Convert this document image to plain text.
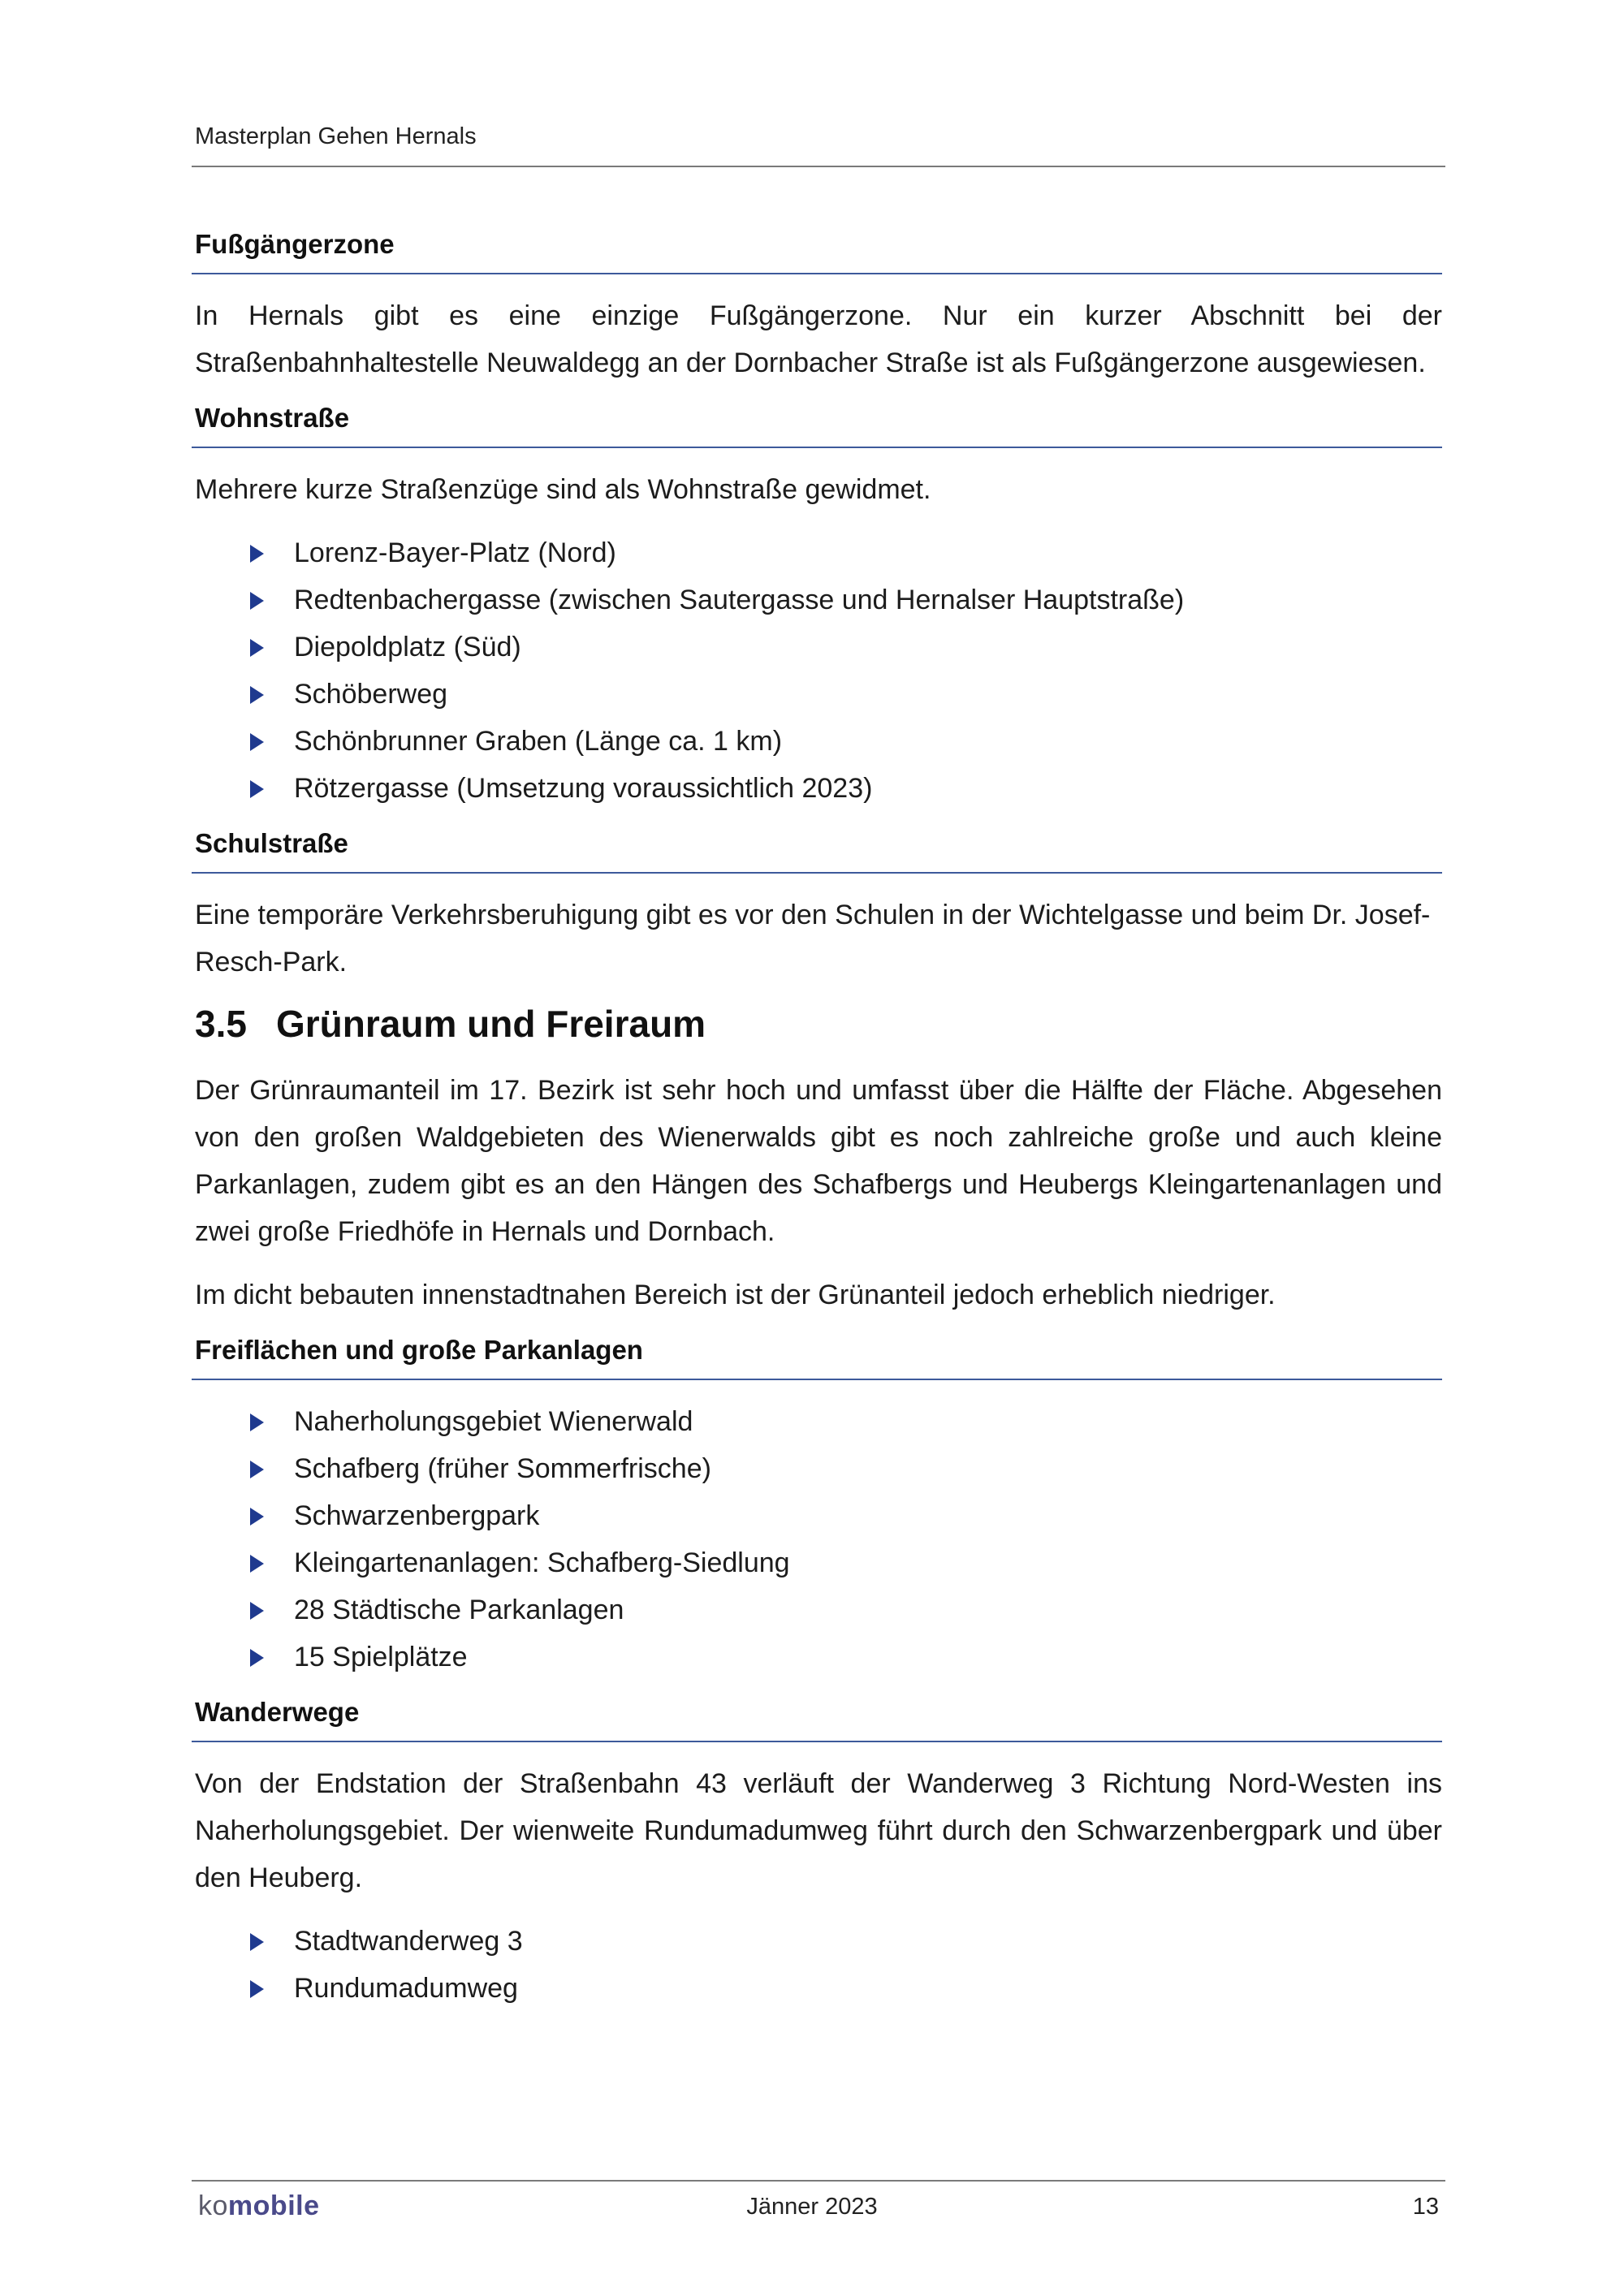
Masterplan Gehen Hernals
Fußgängerzone

In Hernals gibt es eine einzige Fußgängerzone. Nur ein kurzer Abschnitt bei der Straßenbahnhaltestelle Neuwaldegg an der Dornbacher Straße ist als Fußgängerzone ausgewiesen.

Wohnstraße

Mehrere kurze Straßenzüge sind als Wohnstraße gewidmet.

Lorenz-Bayer-Platz (Nord)
Redtenbachergasse (zwischen Sautergasse und Hernalser Hauptstraße)
Diepoldplatz (Süd)
Schöberweg
Schönbrunner Graben (Länge ca. 1 km)
Rötzergasse (Umsetzung voraussichtlich 2023)
Schulstraße

Eine temporäre Verkehrsberuhigung gibt es vor den Schulen in der Wichtelgasse und beim Dr. Josef-Resch-Park.

3.5 Grünraum und Freiraum

Der Grünraumanteil im 17. Bezirk ist sehr hoch und umfasst über die Hälfte der Fläche. Abgesehen von den großen Waldgebieten des Wienerwalds gibt es noch zahlreiche große und auch kleine Parkanlagen, zudem gibt es an den Hängen des Schafbergs und Heubergs Kleingartenanlagen und zwei große Friedhöfe in Hernals und Dornbach.

Im dicht bebauten innenstadtnahen Bereich ist der Grünanteil jedoch erheblich niedriger.

Freiflächen und große Parkanlagen
Naherholungsgebiet Wienerwald
Schafberg (früher Sommerfrische)
Schwarzenbergpark
Kleingartenanlagen: Schafberg-Siedlung
28 Städtische Parkanlagen
15 Spielplätze
Wanderwege

Von der Endstation der Straßenbahn 43 verläuft der Wanderweg 3 Richtung Nord-Westen ins Naherholungsgebiet. Der wienweite Rundumadumweg führt durch den Schwarzenbergpark und über den Heuberg.

Stadtwanderweg 3
Rundumadumweg
komobile	Jänner 2023	13
